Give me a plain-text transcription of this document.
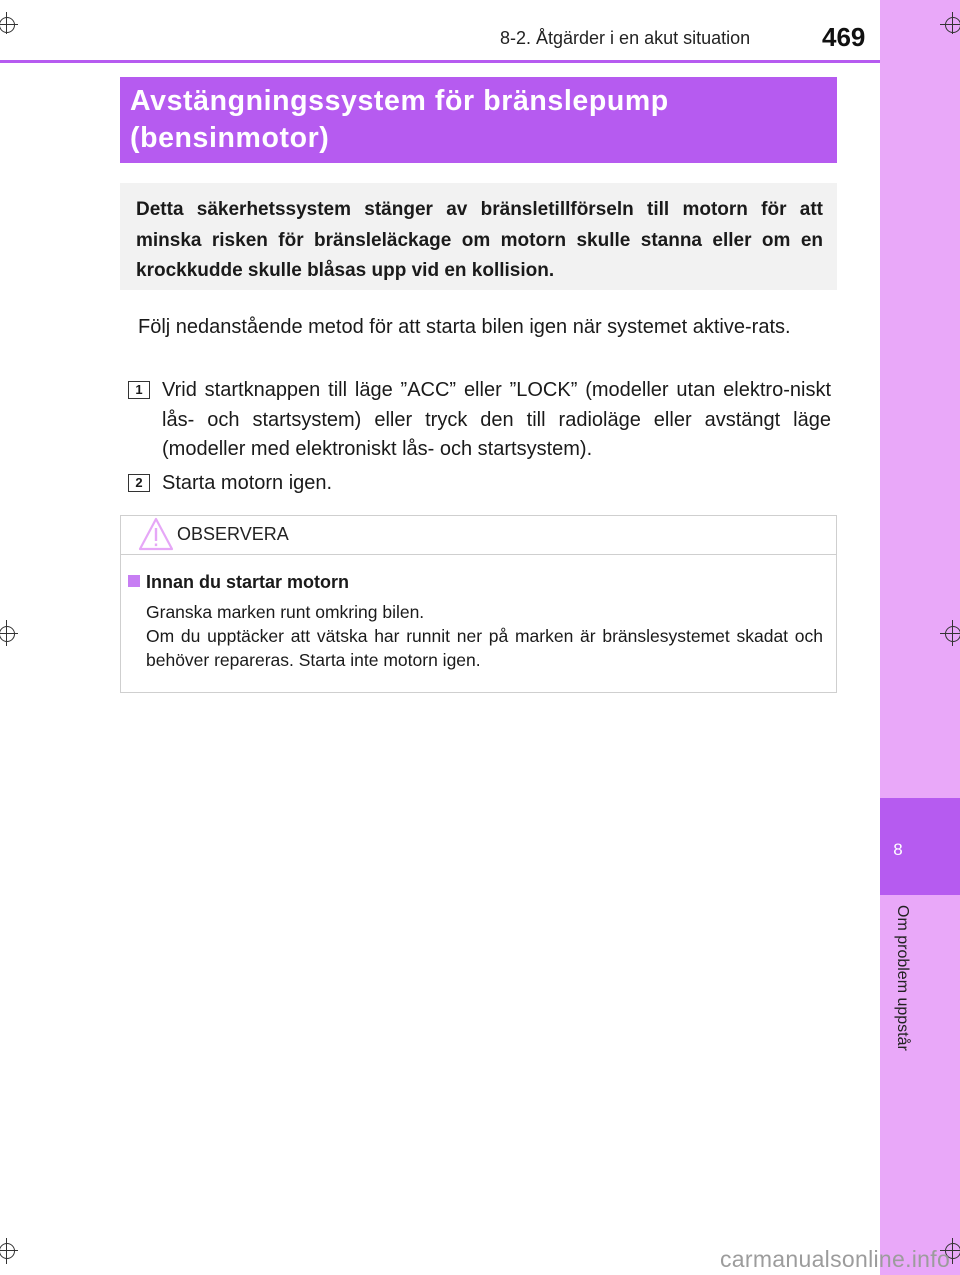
8
Om problem uppstår
8-2. Åtgärder i en akut situation	469

Avstängningssystem för bränslepump (bensinmotor)

Detta säkerhetssystem stänger av bränsletillförseln till motorn för att minska risken för bränsleläckage om motorn skulle stanna eller om en krockkudde skulle blåsas upp vid en kollision.

Följ nedanstående metod för att starta bilen igen när systemet aktive-rats.

1 Vrid startknappen till läge ”ACC” eller ”LOCK” (modeller utan elektro-niskt lås- och startsystem) eller tryck den till radioläge eller avstängt läge (modeller med elektroniskt lås- och startsystem).

2 Starta motorn igen.

OBSERVERA
Innan du startar motorn

Granska marken runt omkring bilen.
Om du upptäcker att vätska har runnit ner på marken är bränslesystemet skadat och behöver repareras. Starta inte motorn igen.

carmanualsonline.info
